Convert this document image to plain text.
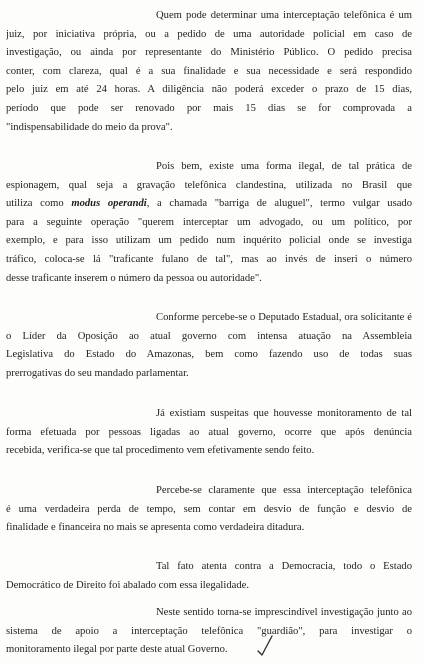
Quem pode determinar uma interceptação telefônica é um
juiz, por iniciativa própria, ou a pedido de uma autoridade policial em caso de
investigação, ou ainda por representante do Ministério Público. O pedido precisa
conter, com clareza, qual é a sua finalidade e sua necessidade e será respondido
pelo juiz em até 24 horas. A diligência não poderá exceder o prazo de 15 dias,
período que pode ser renovado por mais 15 dias se for comprovada a
"indispensabilidade do meio da prova".
Pois bem, existe uma forma ilegal, de tal prática de
espionagem, qual seja a gravação telefônica clandestina, utilizada no Brasil que
utiliza como modus operandi, a chamada "barriga de aluguel", termo vulgar usado
para a seguinte operação "querem interceptar um advogado, ou um político, por
exemplo, e para isso utilizam um pedido num inquérito policial onde se investiga
tráfico, coloca-se lá "traficante fulano de tal", mas ao invés de inseri o número
desse traficante inserem o número da pessoa ou autoridade".
Conforme percebe-se o Deputado Estadual, ora solicitante é
o Líder da Oposição ao atual governo com intensa atuação na Assembleia
Legislativa do Estado do Amazonas, bem como fazendo uso de todas suas
prerrogativas do seu mandado parlamentar.
Já existiam suspeitas que houvesse monitoramento de tal
forma efetuada por pessoas ligadas ao atual governo, ocorre que após denúncia
recebida, verifica-se que tal procedimento vem efetivamente sendo feito.
Percebe-se claramente que essa interceptação telefônica
é uma verdadeira perda de tempo, sem contar em desvio de função e desvio de
finalidade e financeira no mais se apresenta como verdadeira ditadura.
Tal fato atenta contra a Democracia, todo o Estado
Democrático de Direito foi abalado com essa ilegalidade.
Neste sentido torna-se imprescindível investigação junto ao
sistema de apoio a interceptação telefônica "guardião", para investigar o
monitoramento ilegal por parte deste atual Governo.
